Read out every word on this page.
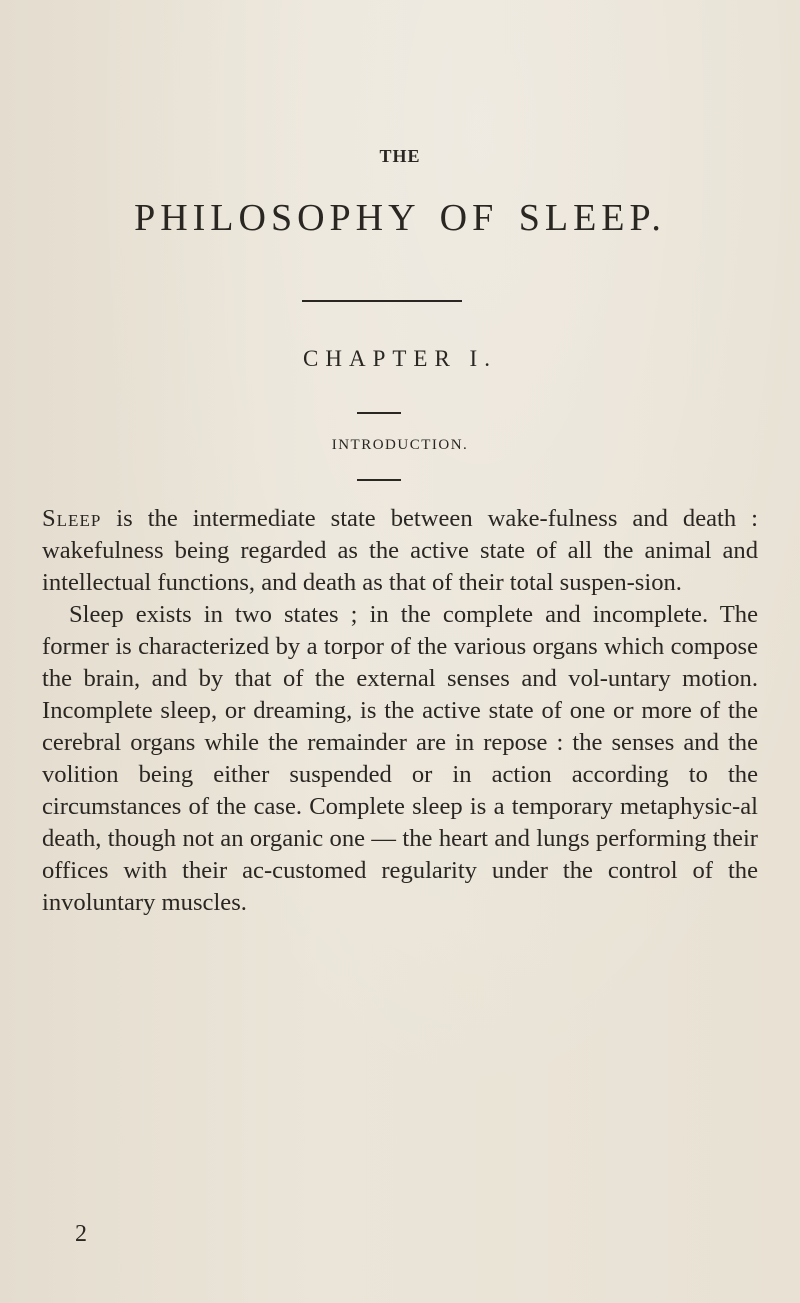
THE
PHILOSOPHY OF SLEEP.
CHAPTER I.
INTRODUCTION.

Sleep is the intermediate state between wake-fulness and death : wakefulness being regarded as the active state of all the animal and intellectual functions, and death as that of their total suspen-sion.

Sleep exists in two states ; in the complete and incomplete. The former is characterized by a torpor of the various organs which compose the brain, and by that of the external senses and vol-untary motion. Incomplete sleep, or dreaming, is the active state of one or more of the cerebral organs while the remainder are in repose : the senses and the volition being either suspended or in action according to the circumstances of the case. Complete sleep is a temporary metaphysic-al death, though not an organic one — the heart and lungs performing their offices with their ac-customed regularity under the control of the involuntary muscles.

2
